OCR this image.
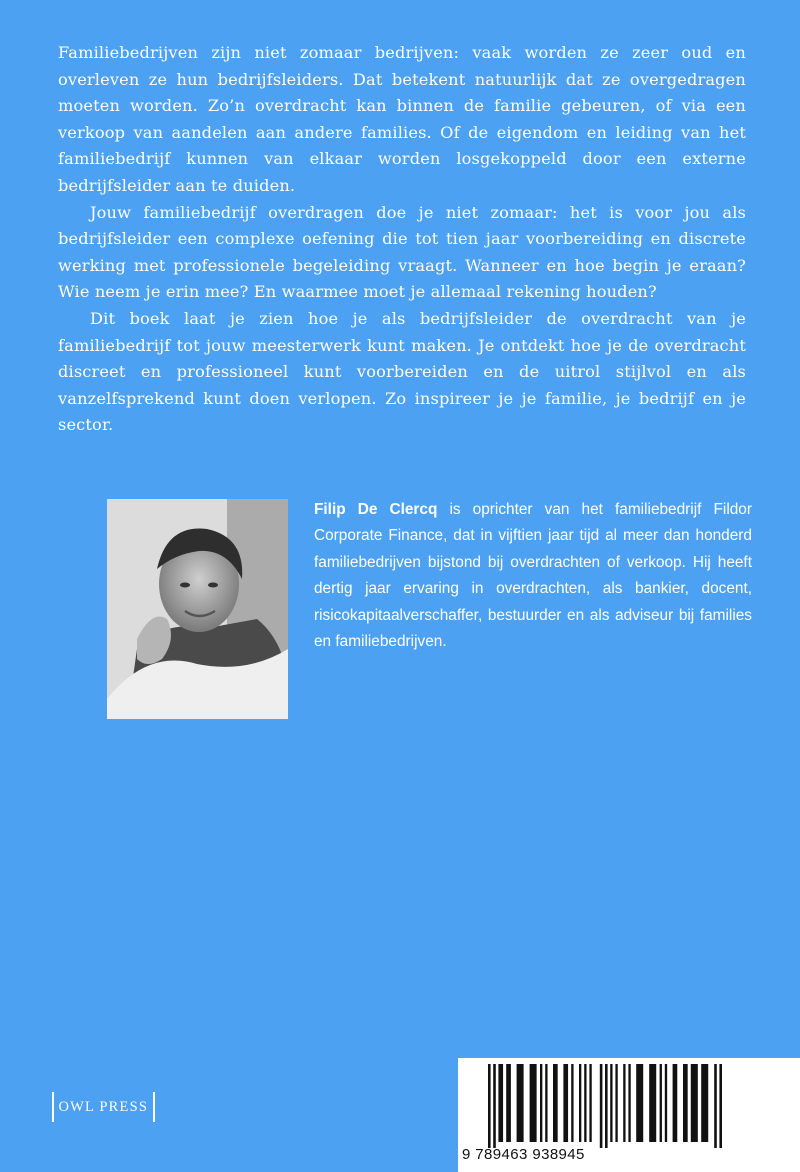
Familiebedrijven zijn niet zomaar bedrijven: vaak worden ze zeer oud en overleven ze hun bedrijfsleiders. Dat betekent natuurlijk dat ze overgedragen moeten worden. Zo’n overdracht kan binnen de familie gebeuren, of via een verkoop van aandelen aan andere families. Of de eigendom en leiding van het familiebedrijf kunnen van elkaar worden losgekoppeld door een externe bedrijfsleider aan te duiden.

Jouw familiebedrijf overdragen doe je niet zomaar: het is voor jou als bedrijfsleider een complexe oefening die tot tien jaar voorbereiding en discrete werking met professionele begeleiding vraagt. Wanneer en hoe begin je eraan? Wie neem je erin mee? En waarmee moet je allemaal rekening houden?

Dit boek laat je zien hoe je als bedrijfsleider de overdracht van je familiebedrijf tot jouw meesterwerk kunt maken. Je ontdekt hoe je de overdracht discreet en professioneel kunt voorbereiden en de uitrol stijlvol en als vanzelfsprekend kunt doen verlopen. Zo inspireer je je familie, je bedrijf en je sector.

Filip De Clercq is oprichter van het familiebedrijf Fildor Corporate Finance, dat in vijftien jaar tijd al meer dan honderd familiebedrijven bijstond bij overdrachten of verkoop. Hij heeft dertig jaar ervaring in overdrachten, als bankier, docent, risicokapitaalverschaffer, bestuurder en als adviseur bij families en familiebedrijven.

OWL PRESS
9 789463 938945
